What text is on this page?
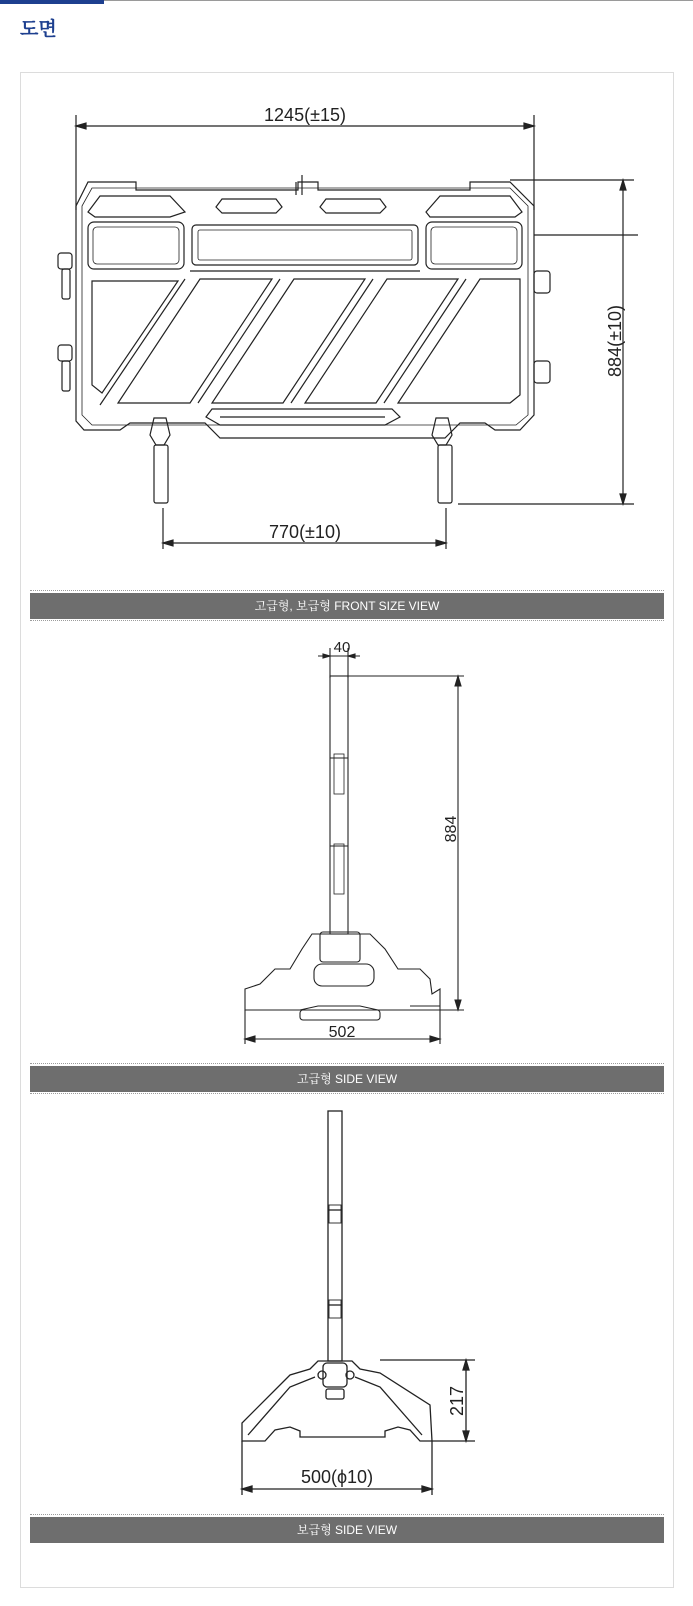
도면
1245(±15)
884(±10)
770(±10)
고급형, 보급형 FRONT SIZE VIEW
40
884
502
고급형 SIDE VIEW
217
500(ϕ10)
보급형 SIDE VIEW
